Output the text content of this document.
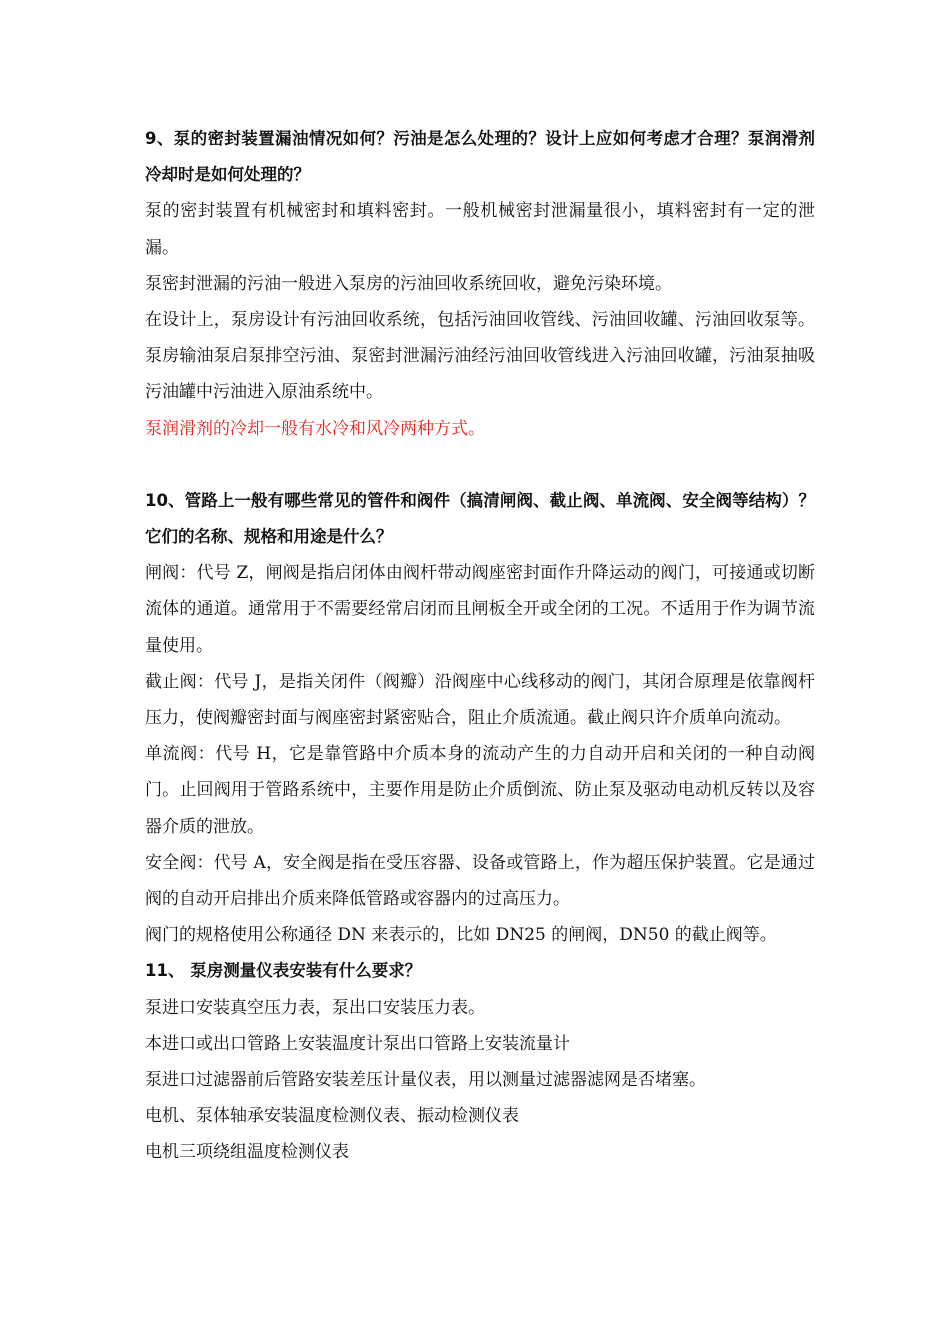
9、泵的密封装置漏油情况如何？污油是怎么处理的？设计上应如何考虑才合理？泵润滑剂冷却时是如何处理的？

泵的密封装置有机械密封和填料密封。一般机械密封泄漏量很小，填料密封有一定的泄漏。

泵密封泄漏的污油一般进入泵房的污油回收系统回收，避免污染环境。

在设计上，泵房设计有污油回收系统，包括污油回收管线、污油回收罐、污油回收泵等。泵房输油泵启泵排空污油、泵密封泄漏污油经污油回收管线进入污油回收罐，污油泵抽吸污油罐中污油进入原油系统中。

泵润滑剂的冷却一般有水冷和风冷两种方式。

10、管路上一般有哪些常见的管件和阀件（搞清闸阀、截止阀、单流阀、安全阀等结构）？它们的名称、规格和用途是什么？

闸阀：代号 Z，闸阀是指启闭体由阀杆带动阀座密封面作升降运动的阀门，可接通或切断流体的通道。通常用于不需要经常启闭而且闸板全开或全闭的工况。不适用于作为调节流量使用。

截止阀：代号 J，是指关闭件（阀瓣）沿阀座中心线移动的阀门，其闭合原理是依靠阀杆压力，使阀瓣密封面与阀座密封紧密贴合，阻止介质流通。截止阀只许介质单向流动。

单流阀：代号 H，它是靠管路中介质本身的流动产生的力自动开启和关闭的一种自动阀门。止回阀用于管路系统中，主要作用是防止介质倒流、防止泵及驱动电动机反转以及容器介质的泄放。

安全阀：代号 A，安全阀是指在受压容器、设备或管路上，作为超压保护装置。它是通过阀的自动开启排出介质来降低管路或容器内的过高压力。

阀门的规格使用公称通径 DN 来表示的，比如 DN25 的闸阀，DN50 的截止阀等。

11、 泵房测量仪表安装有什么要求？

泵进口安装真空压力表，泵出口安装压力表。

本进口或出口管路上安装温度计泵出口管路上安装流量计

泵进口过滤器前后管路安装差压计量仪表，用以测量过滤器滤网是否堵塞。

电机、泵体轴承安装温度检测仪表、振动检测仪表

电机三项绕组温度检测仪表
